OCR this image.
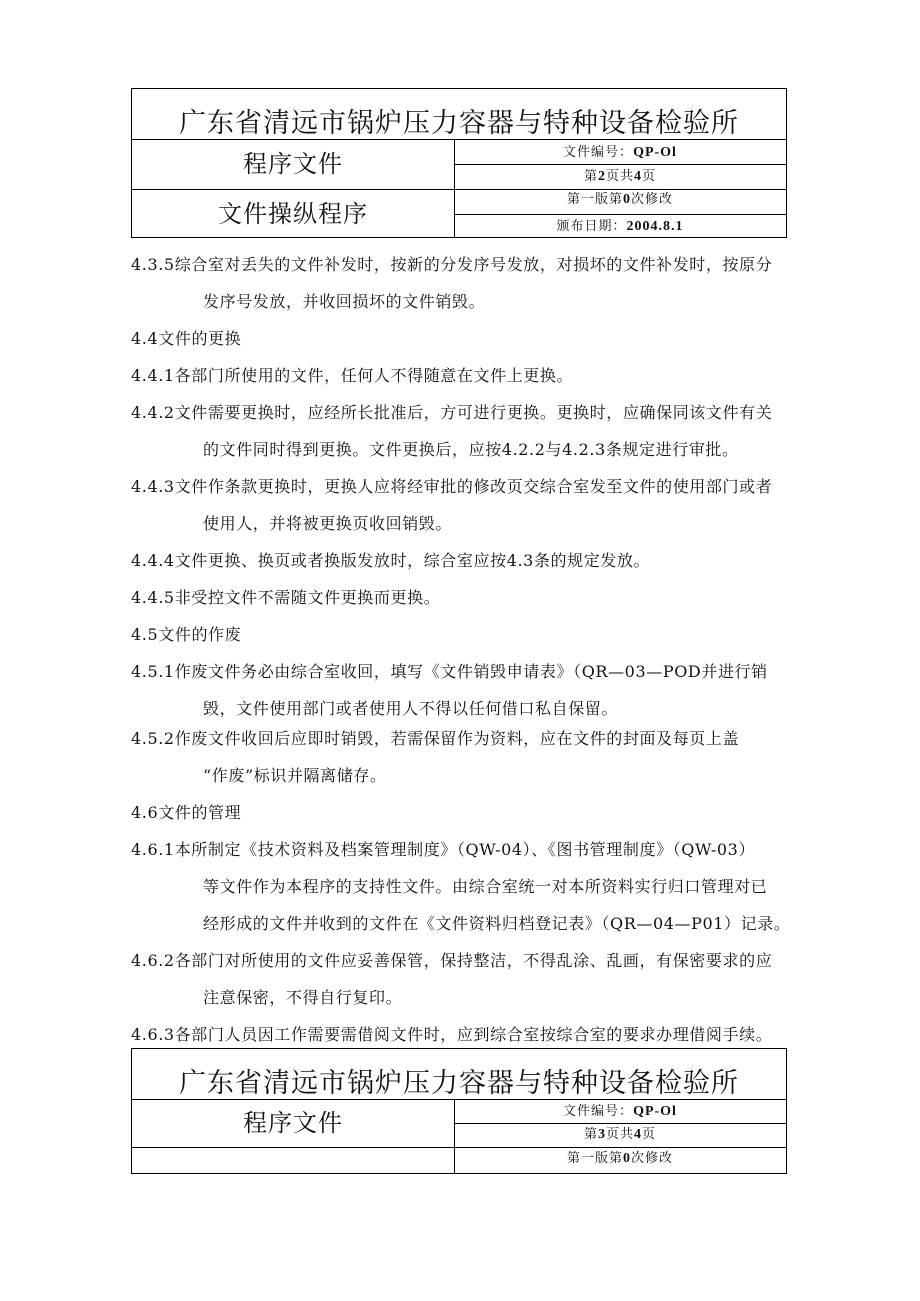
广东省清远市锅炉压力容器与特种设备检验所
程序文件
文件操纵程序
文件编号：QP-Ol
第2页共4页
第一版第0次修改
颁布日期：2004.8.1
4.3.5综合室对丢失的文件补发时，按新的分发序号发放，对损坏的文件补发时，按原分
发序号发放，并收回损坏的文件销毁。
4.4文件的更换
4.4.1各部门所使用的文件，任何人不得随意在文件上更换。
4.4.2文件需要更换时，应经所长批准后，方可进行更换。更换时，应确保同该文件有关
的文件同时得到更换。文件更换后，应按4.2.2与4.2.3条规定进行审批。
4.4.3文件作条款更换时，更换人应将经审批的修改页交综合室发至文件的使用部门或者
使用人，并将被更换页收回销毁。
4.4.4文件更换、换页或者换版发放时，综合室应按4.3条的规定发放。
4.4.5非受控文件不需随文件更换而更换。
4.5文件的作废
4.5.1作废文件务必由综合室收回，填写《文件销毁申请表》（QR—03—POD并进行销
毁，文件使用部门或者使用人不得以任何借口私自保留。
4.5.2作废文件收回后应即时销毁，若需保留作为资料，应在文件的封面及每页上盖
“作废”标识并隔离储存。
4.6文件的管理
4.6.1本所制定《技术资料及档案管理制度》（QW-04）、《图书管理制度》（QW-03）
等文件作为本程序的支持性文件。由综合室统一对本所资料实行归口管理对已
经形成的文件并收到的文件在《文件资料归档登记表》（QR—04—P01）记录。
4.6.2各部门对所使用的文件应妥善保管，保持整洁，不得乱涂、乱画，有保密要求的应
注意保密，不得自行复印。
4.6.3各部门人员因工作需要需借阅文件时，应到综合室按综合室的要求办理借阅手续。
广东省清远市锅炉压力容器与特种设备检验所
程序文件	文件编号：QP-Ol
第3页共4页
第一版第0次修改
